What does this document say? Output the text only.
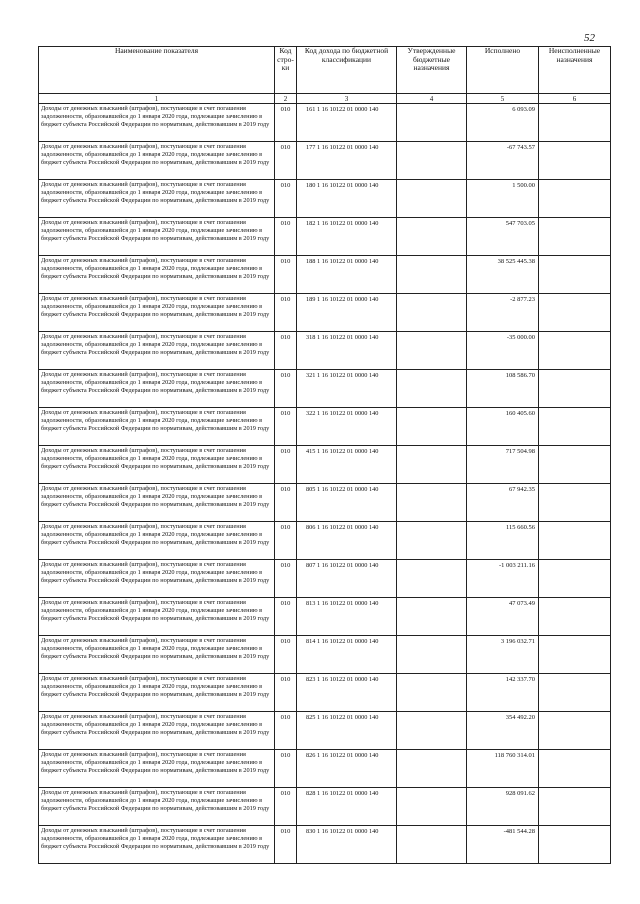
52
Наименование показателя	Код стро-ки	Код дохода по бюджетной классификации	Утвержденные бюджетные назначения	Исполнено	Неисполненные назначения
1	2	3	4	5	6
Доходы от денежных взысканий (штрафов), поступающие в счет погашения задолженности, образовавшейся до 1 января 2020 года, подлежащие зачислению в бюджет субъекта Российской Федерации по нормативам, действовавшим в 2019 году	010	161 1 16 10122 01 0000 140		6 093.09	
Доходы от денежных взысканий (штрафов), поступающие в счет погашения задолженности, образовавшейся до 1 января 2020 года, подлежащие зачислению в бюджет субъекта Российской Федерации по нормативам, действовавшим в 2019 году	010	177 1 16 10122 01 0000 140		-67 743.57	
Доходы от денежных взысканий (штрафов), поступающие в счет погашения задолженности, образовавшейся до 1 января 2020 года, подлежащие зачислению в бюджет субъекта Российской Федерации по нормативам, действовавшим в 2019 году	010	180 1 16 10122 01 0000 140		1 500.00	
Доходы от денежных взысканий (штрафов), поступающие в счет погашения задолженности, образовавшейся до 1 января 2020 года, подлежащие зачислению в бюджет субъекта Российской Федерации по нормативам, действовавшим в 2019 году	010	182 1 16 10122 01 0000 140		547 703.05	
Доходы от денежных взысканий (штрафов), поступающие в счет погашения задолженности, образовавшейся до 1 января 2020 года, подлежащие зачислению в бюджет субъекта Российской Федерации по нормативам, действовавшим в 2019 году	010	188 1 16 10122 01 0000 140		38 525 445.38	
Доходы от денежных взысканий (штрафов), поступающие в счет погашения задолженности, образовавшейся до 1 января 2020 года, подлежащие зачислению в бюджет субъекта Российской Федерации по нормативам, действовавшим в 2019 году	010	189 1 16 10122 01 0000 140		-2 877.23	
Доходы от денежных взысканий (штрафов), поступающие в счет погашения задолженности, образовавшейся до 1 января 2020 года, подлежащие зачислению в бюджет субъекта Российской Федерации по нормативам, действовавшим в 2019 году	010	318 1 16 10122 01 0000 140		-35 000.00	
Доходы от денежных взысканий (штрафов), поступающие в счет погашения задолженности, образовавшейся до 1 января 2020 года, подлежащие зачислению в бюджет субъекта Российской Федерации по нормативам, действовавшим в 2019 году	010	321 1 16 10122 01 0000 140		108 586.70	
Доходы от денежных взысканий (штрафов), поступающие в счет погашения задолженности, образовавшейся до 1 января 2020 года, подлежащие зачислению в бюджет субъекта Российской Федерации по нормативам, действовавшим в 2019 году	010	322 1 16 10122 01 0000 140		160 405.60	
Доходы от денежных взысканий (штрафов), поступающие в счет погашения задолженности, образовавшейся до 1 января 2020 года, подлежащие зачислению в бюджет субъекта Российской Федерации по нормативам, действовавшим в 2019 году	010	415 1 16 10122 01 0000 140		717 504.98	
Доходы от денежных взысканий (штрафов), поступающие в счет погашения задолженности, образовавшейся до 1 января 2020 года, подлежащие зачислению в бюджет субъекта Российской Федерации по нормативам, действовавшим в 2019 году	010	805 1 16 10122 01 0000 140		67 942.35	
Доходы от денежных взысканий (штрафов), поступающие в счет погашения задолженности, образовавшейся до 1 января 2020 года, подлежащие зачислению в бюджет субъекта Российской Федерации по нормативам, действовавшим в 2019 году	010	806 1 16 10122 01 0000 140		115 660.56	
Доходы от денежных взысканий (штрафов), поступающие в счет погашения задолженности, образовавшейся до 1 января 2020 года, подлежащие зачислению в бюджет субъекта Российской Федерации по нормативам, действовавшим в 2019 году	010	807 1 16 10122 01 0000 140		-1 003 211.16	
Доходы от денежных взысканий (штрафов), поступающие в счет погашения задолженности, образовавшейся до 1 января 2020 года, подлежащие зачислению в бюджет субъекта Российской Федерации по нормативам, действовавшим в 2019 году	010	813 1 16 10122 01 0000 140		47 073.49	
Доходы от денежных взысканий (штрафов), поступающие в счет погашения задолженности, образовавшейся до 1 января 2020 года, подлежащие зачислению в бюджет субъекта Российской Федерации по нормативам, действовавшим в 2019 году	010	814 1 16 10122 01 0000 140		3 196 032.71	
Доходы от денежных взысканий (штрафов), поступающие в счет погашения задолженности, образовавшейся до 1 января 2020 года, подлежащие зачислению в бюджет субъекта Российской Федерации по нормативам, действовавшим в 2019 году	010	823 1 16 10122 01 0000 140		142 337.70	
Доходы от денежных взысканий (штрафов), поступающие в счет погашения задолженности, образовавшейся до 1 января 2020 года, подлежащие зачислению в бюджет субъекта Российской Федерации по нормативам, действовавшим в 2019 году	010	825 1 16 10122 01 0000 140		354 492.20	
Доходы от денежных взысканий (штрафов), поступающие в счет погашения задолженности, образовавшейся до 1 января 2020 года, подлежащие зачислению в бюджет субъекта Российской Федерации по нормативам, действовавшим в 2019 году	010	826 1 16 10122 01 0000 140		118 760 314.01	
Доходы от денежных взысканий (штрафов), поступающие в счет погашения задолженности, образовавшейся до 1 января 2020 года, подлежащие зачислению в бюджет субъекта Российской Федерации по нормативам, действовавшим в 2019 году	010	828 1 16 10122 01 0000 140		928 091.62	
Доходы от денежных взысканий (штрафов), поступающие в счет погашения задолженности, образовавшейся до 1 января 2020 года, подлежащие зачислению в бюджет субъекта Российской Федерации по нормативам, действовавшим в 2019 году	010	830 1 16 10122 01 0000 140		-481 544.28	
